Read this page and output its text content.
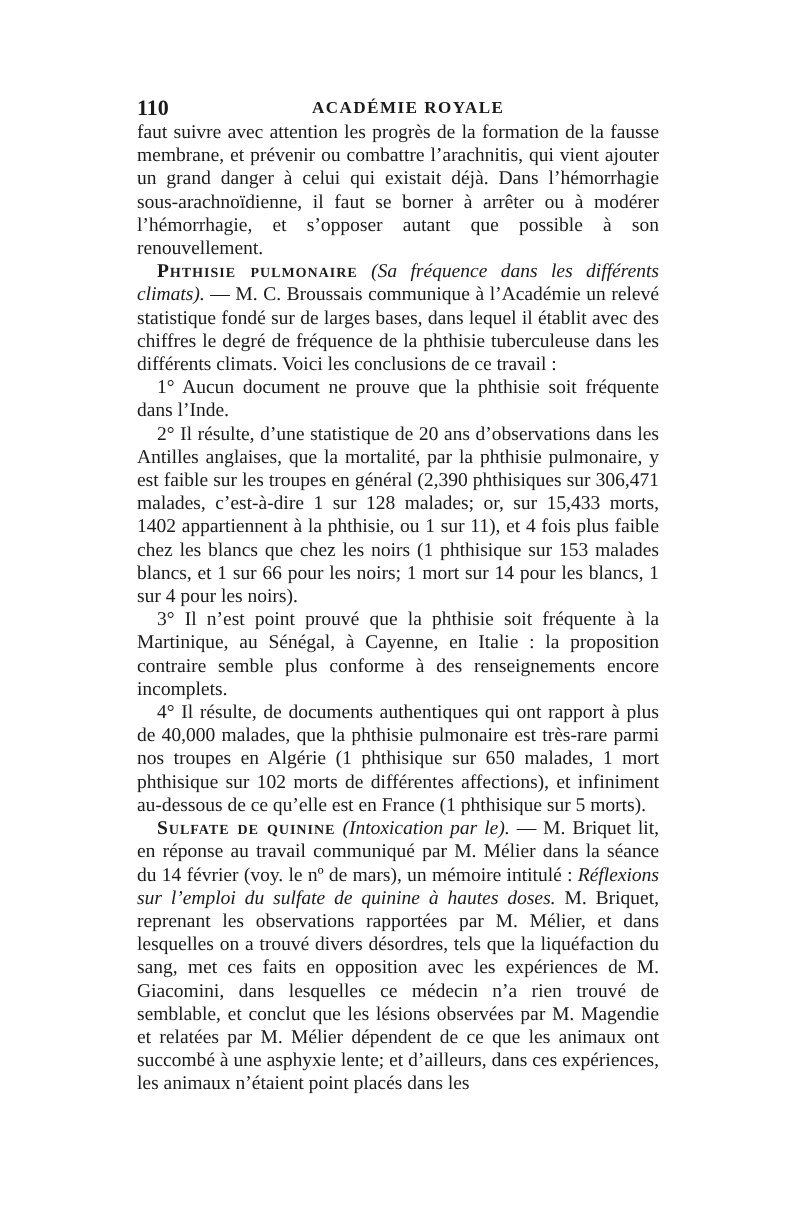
110	ACADÉMIE ROYALE

faut suivre avec attention les progrès de la formation de la fausse membrane, et prévenir ou combattre l’arachnitis, qui vient ajouter un grand danger à celui qui existait déjà. Dans l’hémorrhagie sous-arachnoïdienne, il faut se borner à arrêter ou à modérer l’hémorrhagie, et s’opposer autant que possible à son renouvellement.

Phthisie pulmonaire (Sa fréquence dans les différents climats). — M. C. Broussais communique à l’Académie un relevé statistique fondé sur de larges bases, dans lequel il établit avec des chiffres le degré de fréquence de la phthisie tuberculeuse dans les différents climats. Voici les conclusions de ce travail :

1° Aucun document ne prouve que la phthisie soit fréquente dans l’Inde.

2° Il résulte, d’une statistique de 20 ans d’observations dans les Antilles anglaises, que la mortalité, par la phthisie pulmonaire, y est faible sur les troupes en général (2,390 phthisiques sur 306,471 malades, c’est-à-dire 1 sur 128 malades; or, sur 15,433 morts, 1402 appartiennent à la phthisie, ou 1 sur 11), et 4 fois plus faible chez les blancs que chez les noirs (1 phthisique sur 153 malades blancs, et 1 sur 66 pour les noirs; 1 mort sur 14 pour les blancs, 1 sur 4 pour les noirs).

3° Il n’est point prouvé que la phthisie soit fréquente à la Martinique, au Sénégal, à Cayenne, en Italie : la proposition contraire semble plus conforme à des renseignements encore incomplets.

4° Il résulte, de documents authentiques qui ont rapport à plus de 40,000 malades, que la phthisie pulmonaire est très-rare parmi nos troupes en Algérie (1 phthisique sur 650 malades, 1 mort phthisique sur 102 morts de différentes affections), et infiniment au-dessous de ce qu’elle est en France (1 phthisique sur 5 morts).

Sulfate de quinine (Intoxication par le). — M. Briquet lit, en réponse au travail communiqué par M. Mélier dans la séance du 14 février (voy. le nº de mars), un mémoire intitulé : Réflexions sur l’emploi du sulfate de quinine à hautes doses. M. Briquet, reprenant les observations rapportées par M. Mélier, et dans lesquelles on a trouvé divers désordres, tels que la liquéfaction du sang, met ces faits en opposition avec les expériences de M. Giacomini, dans lesquelles ce médecin n’a rien trouvé de semblable, et conclut que les lésions observées par M. Magendie et relatées par M. Mélier dépendent de ce que les animaux ont succombé à une asphyxie lente; et d’ailleurs, dans ces expériences, les animaux n’étaient point placés dans les
